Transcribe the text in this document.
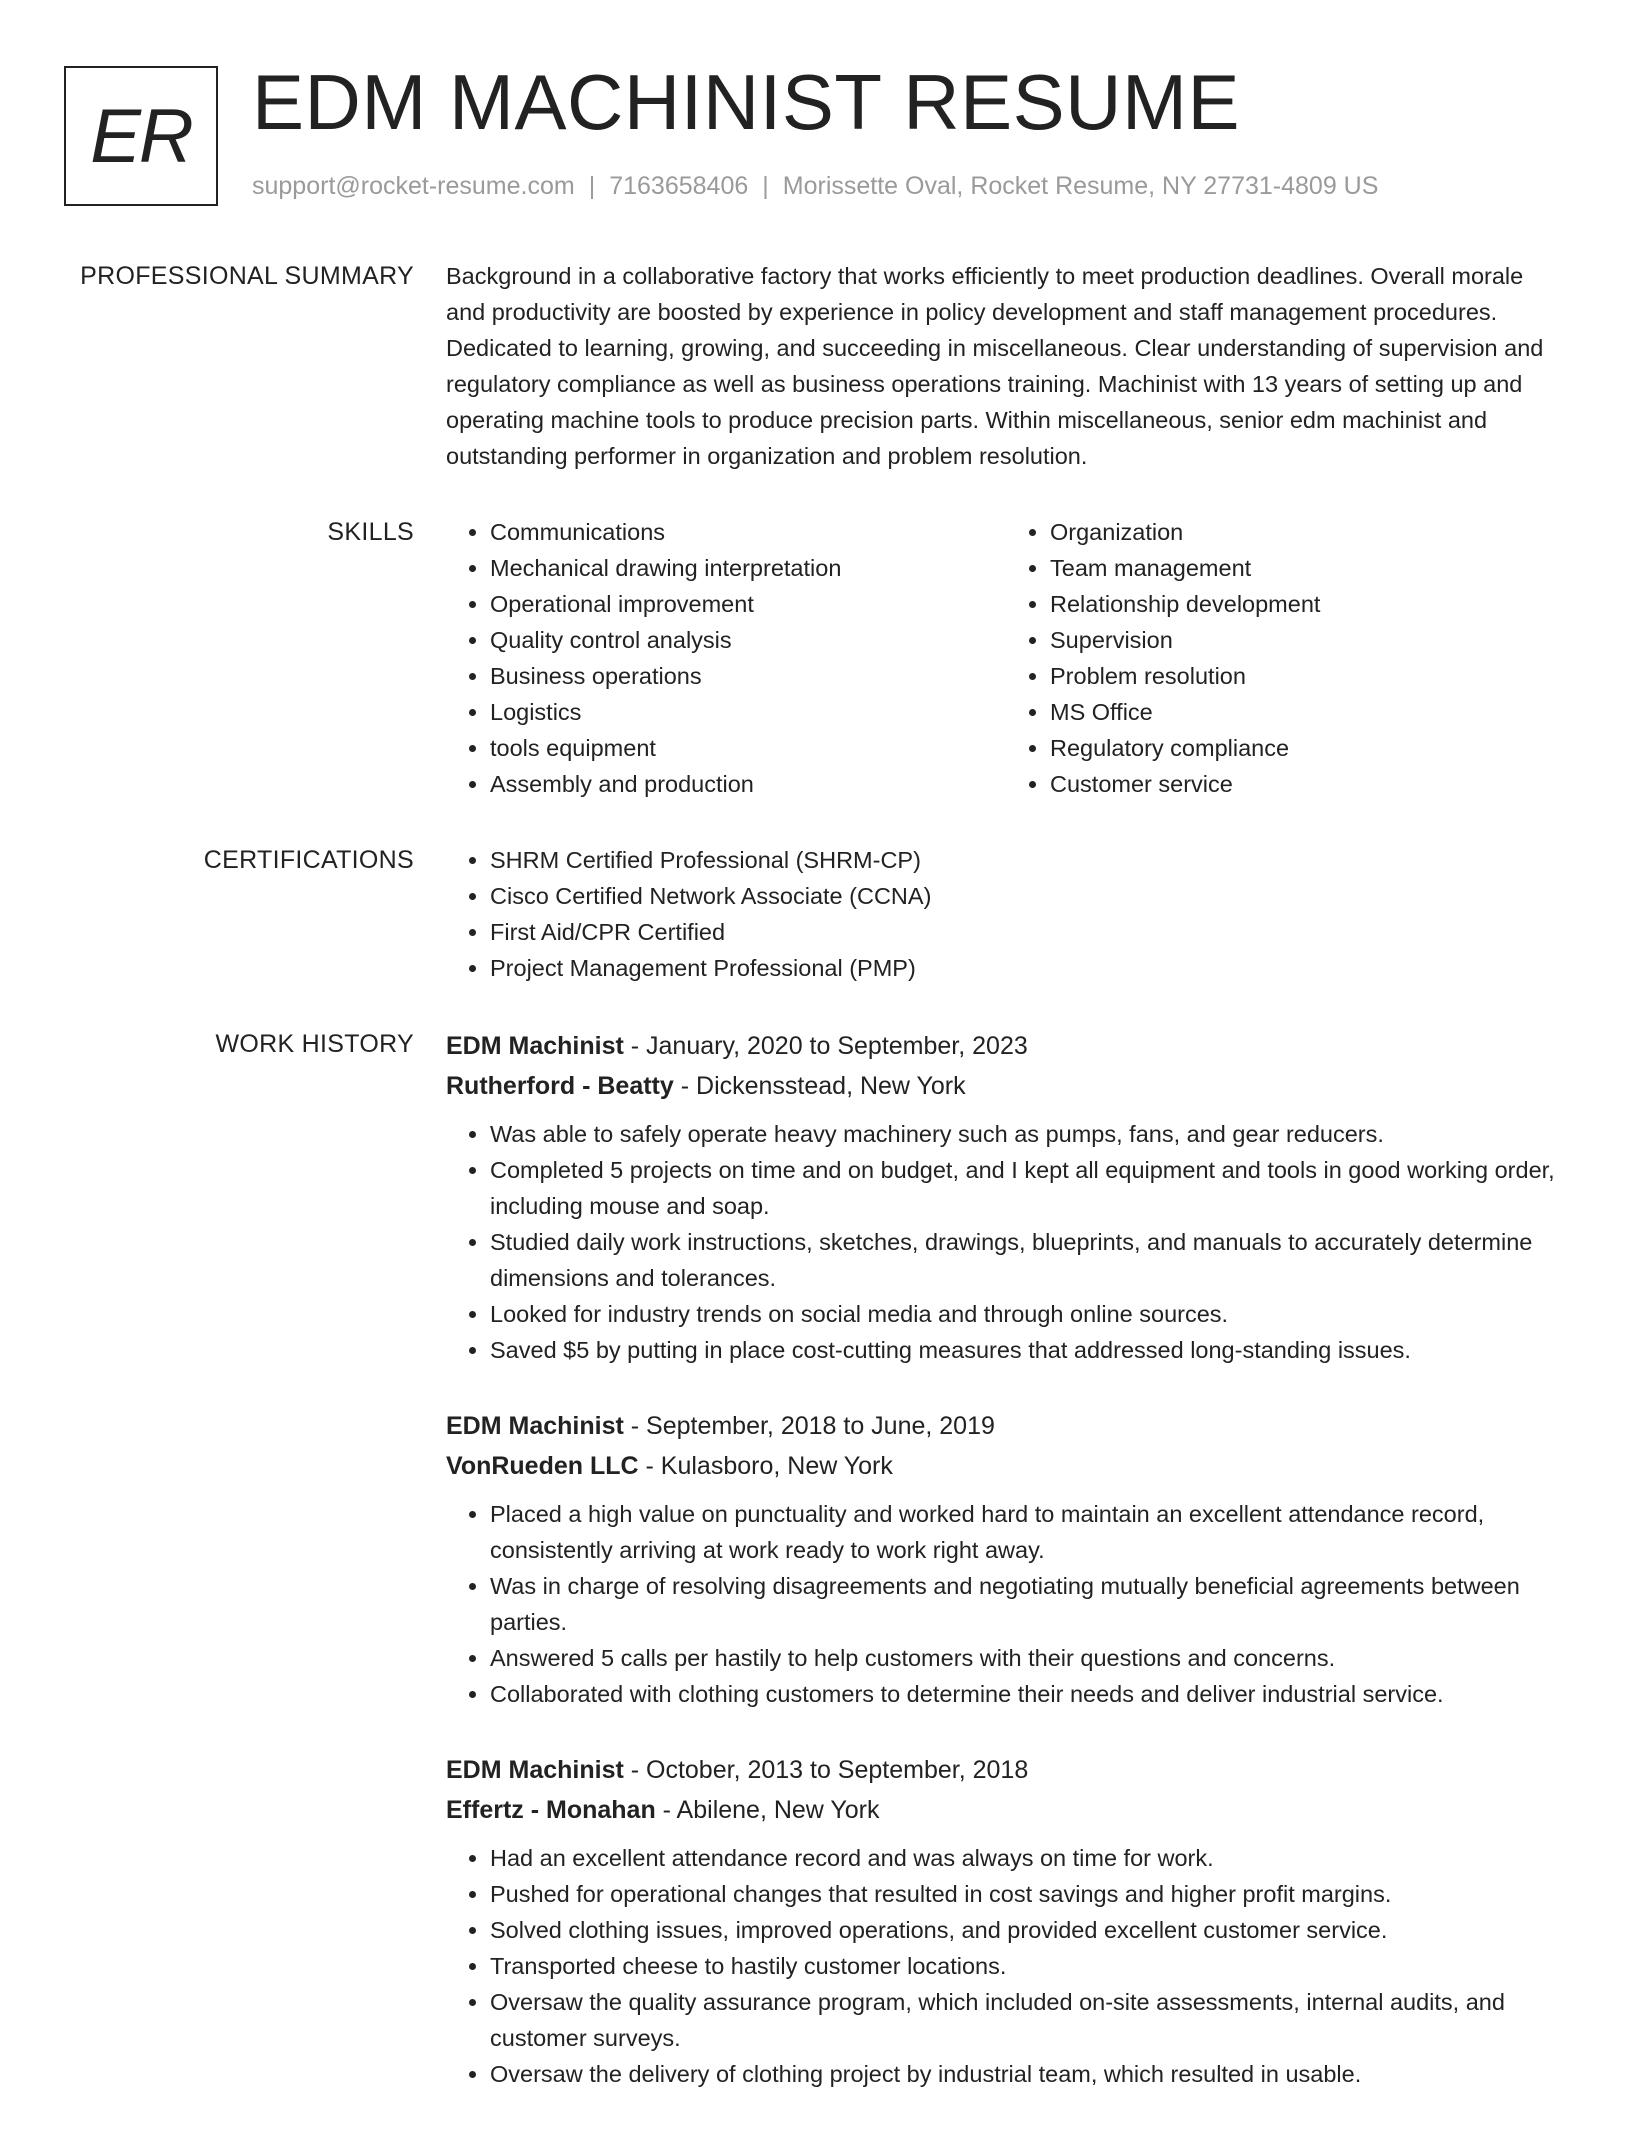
ER EDM MACHINIST RESUME
support@rocket-resume.com | 7163658406 | Morissette Oval, Rocket Resume, NY 27731-4809 US
PROFESSIONAL SUMMARY Background in a collaborative factory that works efficiently to meet production deadlines. Overall morale and productivity are boosted by experience in policy development and staff management procedures. Dedicated to learning, growing, and succeeding in miscellaneous. Clear understanding of supervision and regulatory compliance as well as business operations training. Machinist with 13 years of setting up and operating machine tools to produce precision parts. Within miscellaneous, senior edm machinist and outstanding performer in organization and problem resolution.

SKILLS	• Communications
• Mechanical drawing interpretation
• Operational improvement
• Quality control analysis
• Business operations
• Logistics
• tools equipment
• Assembly and production
• Organization
• Team management
• Relationship development
• Supervision
• Problem resolution
• MS Office
• Regulatory compliance
• Customer service
CERTIFICATIONS	• SHRM Certified Professional (SHRM-CP)
• Cisco Certified Network Associate (CCNA)
• First Aid/CPR Certified
• Project Management Professional (PMP)
WORK HISTORY EDM Machinist - January, 2020 to September, 2023
Rutherford - Beatty - Dickensstead, New York
• Was able to safely operate heavy machinery such as pumps, fans, and gear reducers.
• Completed 5 projects on time and on budget, and I kept all equipment and tools in good working order, including mouse and soap.
• Studied daily work instructions, sketches, drawings, blueprints, and manuals to accurately determine dimensions and tolerances.
• Looked for industry trends on social media and through online sources.
• Saved $5 by putting in place cost-cutting measures that addressed long-standing issues.
EDM Machinist - September, 2018 to June, 2019
VonRueden LLC - Kulasboro, New York
• Placed a high value on punctuality and worked hard to maintain an excellent attendance record, consistently arriving at work ready to work right away.
• Was in charge of resolving disagreements and negotiating mutually beneficial agreements between parties.
• Answered 5 calls per hastily to help customers with their questions and concerns.
• Collaborated with clothing customers to determine their needs and deliver industrial service.
EDM Machinist - October, 2013 to September, 2018
Effertz - Monahan - Abilene, New York
• Had an excellent attendance record and was always on time for work.
• Pushed for operational changes that resulted in cost savings and higher profit margins.
• Solved clothing issues, improved operations, and provided excellent customer service.
• Transported cheese to hastily customer locations.
• Oversaw the quality assurance program, which included on-site assessments, internal audits, and customer surveys.
• Oversaw the delivery of clothing project by industrial team, which resulted in usable.
